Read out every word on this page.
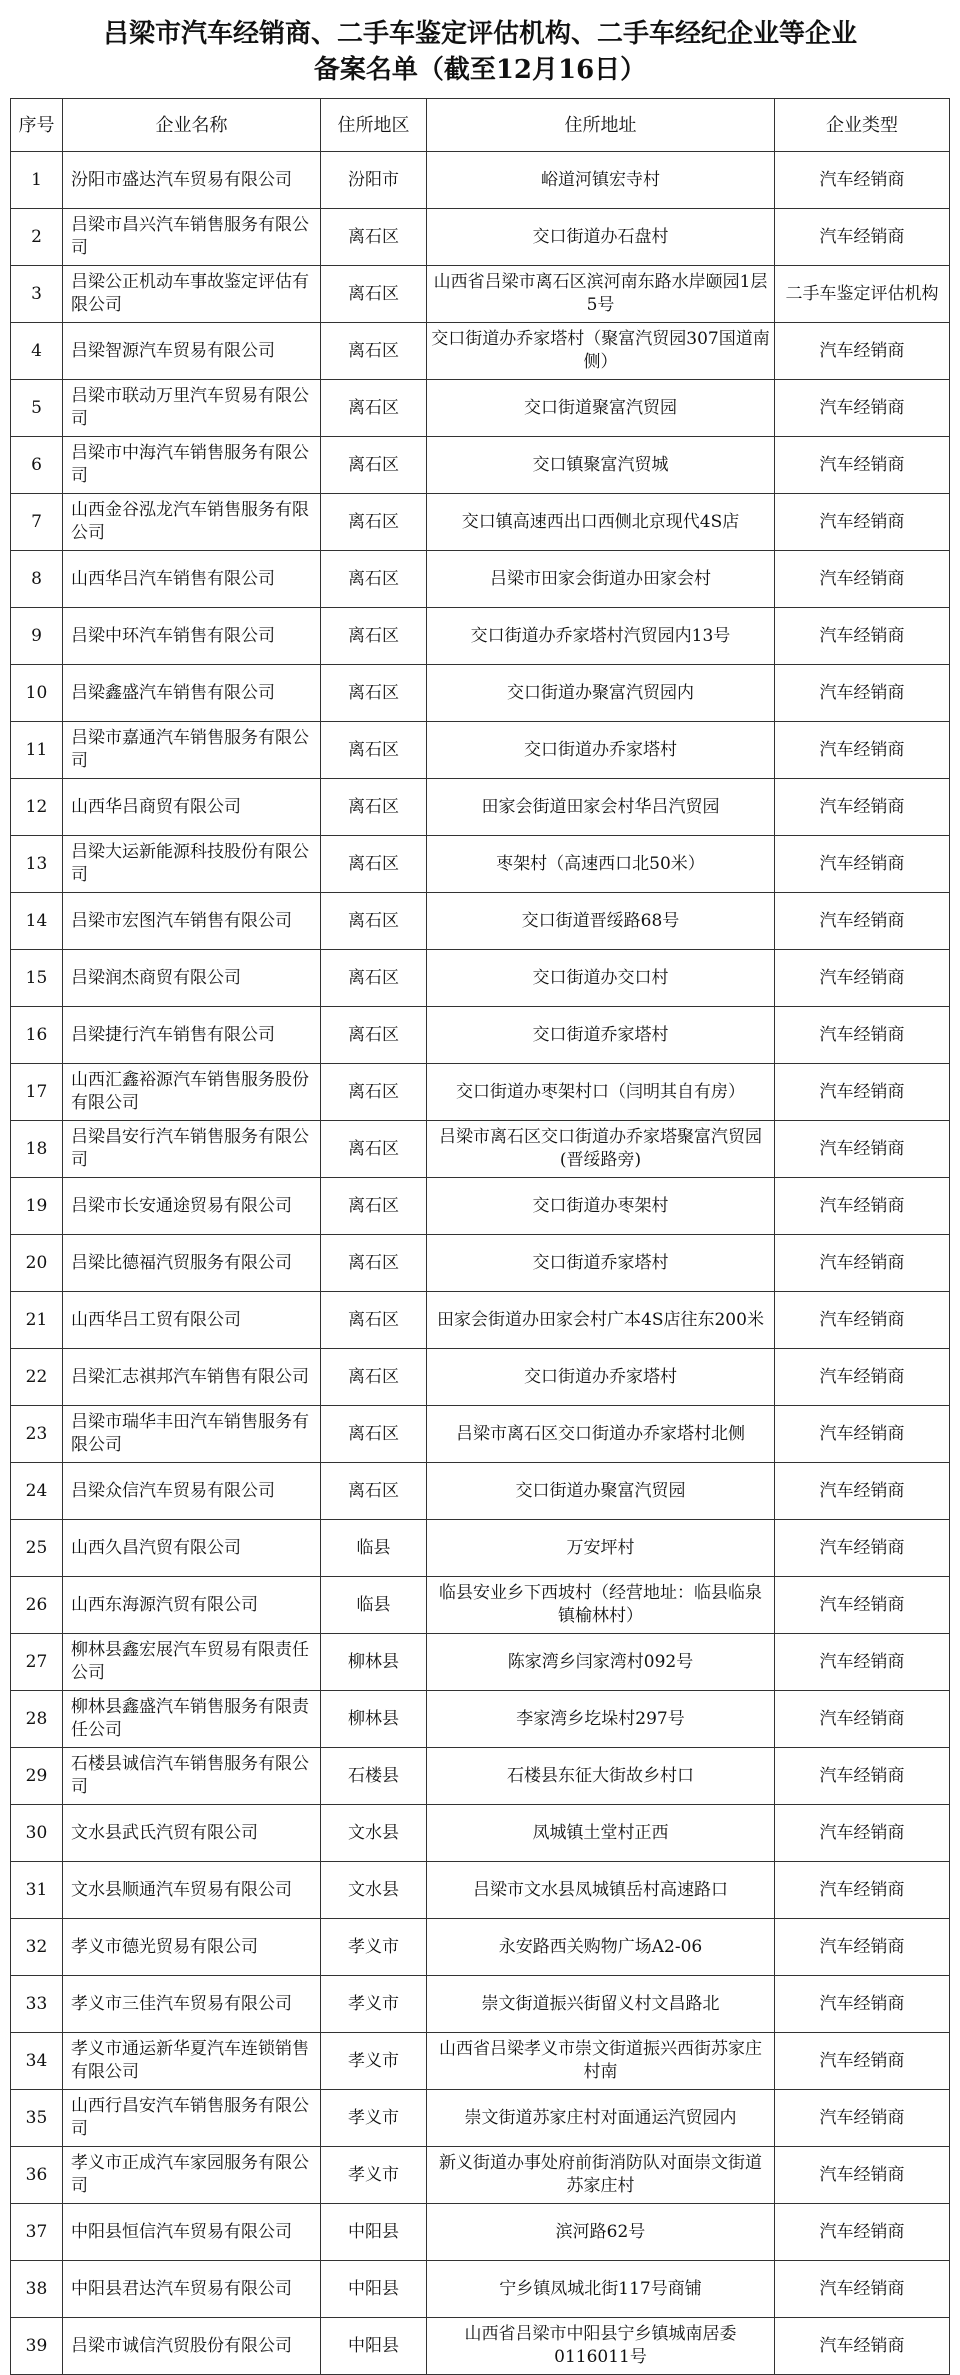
吕梁市汽车经销商、二手车鉴定评估机构、二手车经纪企业等企业
备案名单（截至12月16日）
序号	企业名称	住所地区	住所地址	企业类型
1	汾阳市盛达汽车贸易有限公司	汾阳市	峪道河镇宏寺村	汽车经销商
2	吕梁市昌兴汽车销售服务有限公司	离石区	交口街道办石盘村	汽车经销商
3	吕梁公正机动车事故鉴定评估有限公司	离石区	山西省吕梁市离石区滨河南东路水岸颐园1层5号	二手车鉴定评估机构
4	吕梁智源汽车贸易有限公司	离石区	交口街道办乔家塔村（聚富汽贸园307国道南侧）	汽车经销商
5	吕梁市联动万里汽车贸易有限公司	离石区	交口街道聚富汽贸园	汽车经销商
6	吕梁市中海汽车销售服务有限公司	离石区	交口镇聚富汽贸城	汽车经销商
7	山西金谷泓龙汽车销售服务有限公司	离石区	交口镇高速西出口西侧北京现代4S店	汽车经销商
8	山西华吕汽车销售有限公司	离石区	吕梁市田家会街道办田家会村	汽车经销商
9	吕梁中环汽车销售有限公司	离石区	交口街道办乔家塔村汽贸园内13号	汽车经销商
10	吕梁鑫盛汽车销售有限公司	离石区	交口街道办聚富汽贸园内	汽车经销商
11	吕梁市嘉通汽车销售服务有限公司	离石区	交口街道办乔家塔村	汽车经销商
12	山西华吕商贸有限公司	离石区	田家会街道田家会村华吕汽贸园	汽车经销商
13	吕梁大运新能源科技股份有限公司	离石区	枣架村（高速西口北50米）	汽车经销商
14	吕梁市宏图汽车销售有限公司	离石区	交口街道晋绥路68号	汽车经销商
15	吕梁润杰商贸有限公司	离石区	交口街道办交口村	汽车经销商
16	吕梁捷行汽车销售有限公司	离石区	交口街道乔家塔村	汽车经销商
17	山西汇鑫裕源汽车销售服务股份有限公司	离石区	交口街道办枣架村口（闫明其自有房）	汽车经销商
18	吕梁昌安行汽车销售服务有限公司	离石区	吕梁市离石区交口街道办乔家塔聚富汽贸园(晋绥路旁)	汽车经销商
19	吕梁市长安通途贸易有限公司	离石区	交口街道办枣架村	汽车经销商
20	吕梁比德福汽贸服务有限公司	离石区	交口街道乔家塔村	汽车经销商
21	山西华吕工贸有限公司	离石区	田家会街道办田家会村广本4S店往东200米	汽车经销商
22	吕梁汇志祺邦汽车销售有限公司	离石区	交口街道办乔家塔村	汽车经销商
23	吕梁市瑞华丰田汽车销售服务有限公司	离石区	吕梁市离石区交口街道办乔家塔村北侧	汽车经销商
24	吕梁众信汽车贸易有限公司	离石区	交口街道办聚富汽贸园	汽车经销商
25	山西久昌汽贸有限公司	临县	万安坪村	汽车经销商
26	山西东海源汽贸有限公司	临县	临县安业乡下西坡村（经营地址：临县临泉镇榆林村）	汽车经销商
27	柳林县鑫宏展汽车贸易有限责任公司	柳林县	陈家湾乡闫家湾村092号	汽车经销商
28	柳林县鑫盛汽车销售服务有限责任公司	柳林县	李家湾乡圪垛村297号	汽车经销商
29	石楼县诚信汽车销售服务有限公司	石楼县	石楼县东征大街故乡村口	汽车经销商
30	文水县武氏汽贸有限公司	文水县	凤城镇土堂村正西	汽车经销商
31	文水县顺通汽车贸易有限公司	文水县	吕梁市文水县凤城镇岳村高速路口	汽车经销商
32	孝义市德光贸易有限公司	孝义市	永安路西关购物广场A2-06	汽车经销商
33	孝义市三佳汽车贸易有限公司	孝义市	崇文街道振兴街留义村文昌路北	汽车经销商
34	孝义市通运新华夏汽车连锁销售有限公司	孝义市	山西省吕梁孝义市崇文街道振兴西街苏家庄村南	汽车经销商
35	山西行昌安汽车销售服务有限公司	孝义市	崇文街道苏家庄村对面通运汽贸园内	汽车经销商
36	孝义市正成汽车家园服务有限公司	孝义市	新义街道办事处府前街消防队对面崇文街道苏家庄村	汽车经销商
37	中阳县恒信汽车贸易有限公司	中阳县	滨河路62号	汽车经销商
38	中阳县君达汽车贸易有限公司	中阳县	宁乡镇凤城北街117号商铺	汽车经销商
39	吕梁市诚信汽贸股份有限公司	中阳县	山西省吕梁市中阳县宁乡镇城南居委0116011号	汽车经销商
